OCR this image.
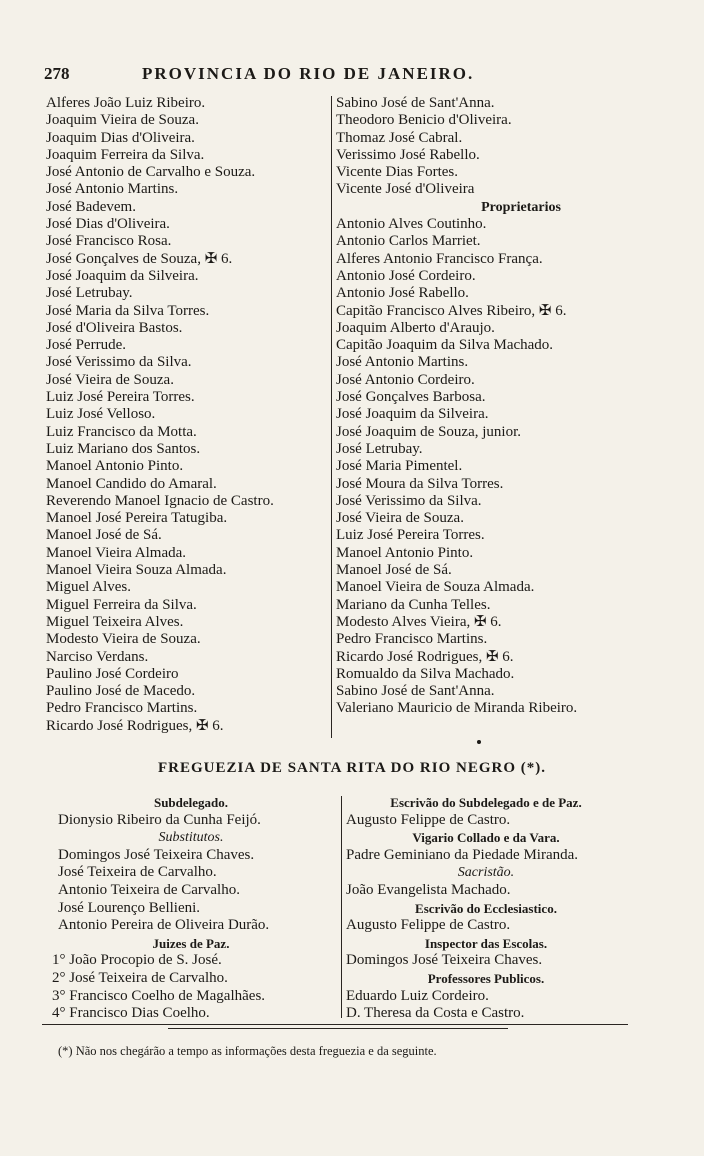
278	PROVINCIA DO RIO DE JANEIRO.
Alferes João Luiz Ribeiro.
Joaquim Vieira de Souza.
Joaquim Dias d'Oliveira.
Joaquim Ferreira da Silva.
José Antonio de Carvalho e Souza.
José Antonio Martins.
José Badevem.
José Dias d'Oliveira.
José Francisco Rosa.
José Gonçalves de Souza, ✠ 6.
José Joaquim da Silveira.
José Letrubay.
José Maria da Silva Torres.
José d'Oliveira Bastos.
José Perrude.
José Verissimo da Silva.
José Vieira de Souza.
Luiz José Pereira Torres.
Luiz José Velloso.
Luiz Francisco da Motta.
Luiz Mariano dos Santos.
Manoel Antonio Pinto.
Manoel Candido do Amaral.
Reverendo Manoel Ignacio de Castro.
Manoel José Pereira Tatugiba.
Manoel José de Sá.
Manoel Vieira Almada.
Manoel Vieira Souza Almada.
Miguel Alves.
Miguel Ferreira da Silva.
Miguel Teixeira Alves.
Modesto Vieira de Souza.
Narciso Verdans.
Paulino José Cordeiro
Paulino José de Macedo.
Pedro Francisco Martins.
Ricardo José Rodrigues, ✠ 6.
Sabino José de Sant'Anna.
Theodoro Benicio d'Oliveira.
Thomaz José Cabral.
Verissimo José Rabello.
Vicente Dias Fortes.
Vicente José d'Oliveira
Proprietarios
Antonio Alves Coutinho.
Antonio Carlos Marriet.
Alferes Antonio Francisco França.
Antonio José Cordeiro.
Antonio José Rabello.
Capitão Francisco Alves Ribeiro, ✠ 6.
Joaquim Alberto d'Araujo.
Capitão Joaquim da Silva Machado.
José Antonio Martins.
José Antonio Cordeiro.
José Gonçalves Barbosa.
José Joaquim da Silveira.
José Joaquim de Souza, junior.
José Letrubay.
José Maria Pimentel.
José Moura da Silva Torres.
José Verissimo da Silva.
José Vieira de Souza.
Luiz José Pereira Torres.
Manoel Antonio Pinto.
Manoel José de Sá.
Manoel Vieira de Souza Almada.
Mariano da Cunha Telles.
Modesto Alves Vieira, ✠ 6.
Pedro Francisco Martins.
Ricardo José Rodrigues, ✠ 6.
Romualdo da Silva Machado.
Sabino José de Sant'Anna.
Valeriano Mauricio de Miranda Ribeiro.
FREGUEZIA DE SANTA RITA DO RIO NEGRO (*).
Subdelegado.
Dionysio Ribeiro da Cunha Feijó.
Substitutos.
Domingos José Teixeira Chaves.
José Teixeira de Carvalho.
Antonio Teixeira de Carvalho.
José Lourenço Bellieni.
Antonio Pereira de Oliveira Durão.
Juizes de Paz.
1° João Procopio de S. José.
2° José Teixeira de Carvalho.
3° Francisco Coelho de Magalhães.
4° Francisco Dias Coelho.
Escrivão do Subdelegado e de Paz.
Augusto Felippe de Castro.
Vigario Collado e da Vara.
Padre Geminiano da Piedade Miranda.
Sacristão.
João Evangelista Machado.
Escrivão do Ecclesiastico.
Augusto Felippe de Castro.
Inspector das Escolas.
Domingos José Teixeira Chaves.
Professores Publicos.
Eduardo Luiz Cordeiro.
D. Theresa da Costa e Castro.
(*) Não nos chegárão a tempo as informações desta freguezia e da seguinte.
